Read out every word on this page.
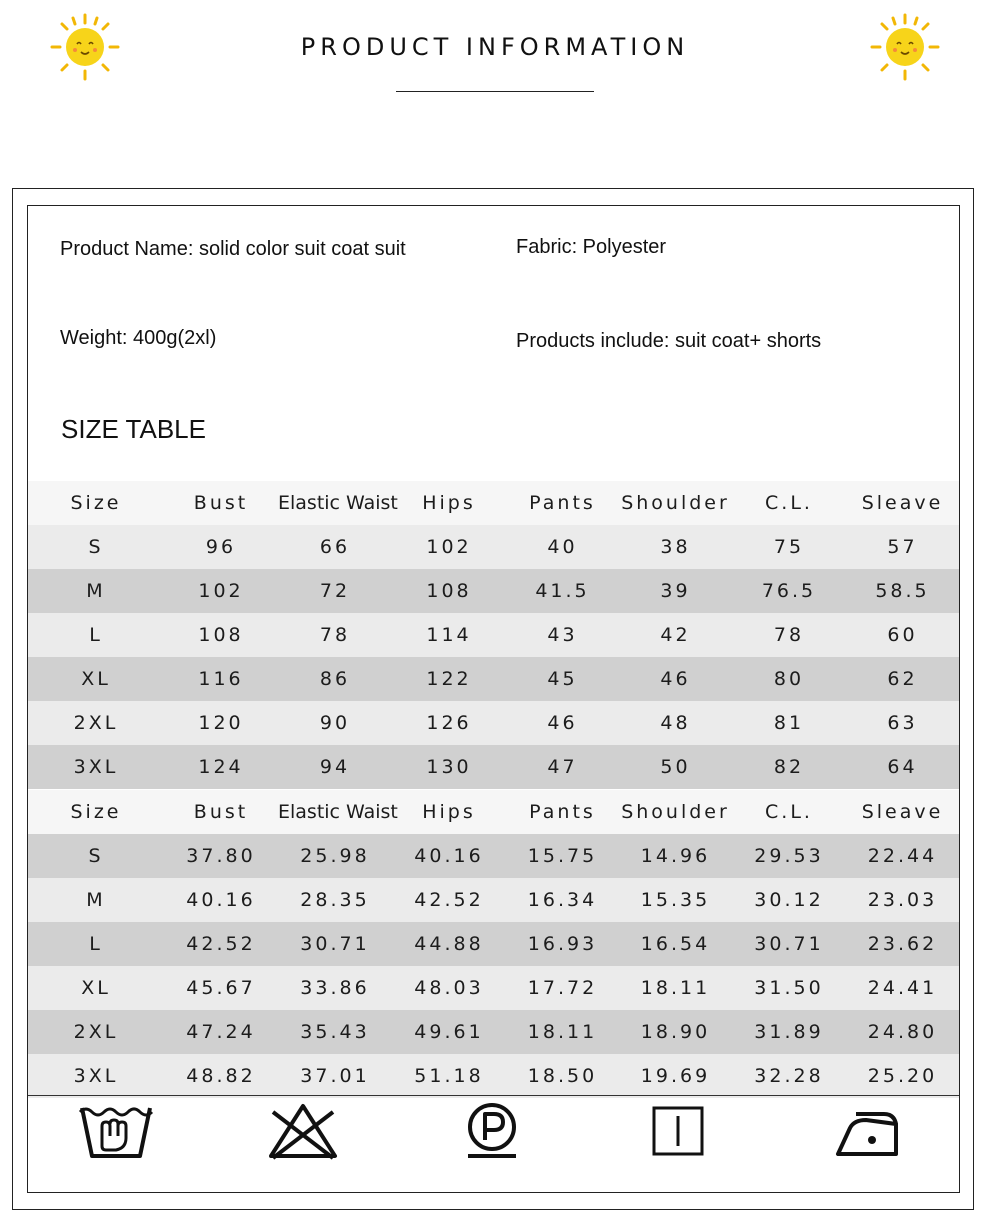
PRODUCT INFORMATION
Product Name: solid color suit coat suit	Fabric: Polyester
Weight: 400g(2xl)	Products include: suit coat+ shorts
SIZE TABLE
Size	Bust	Elastic Waist	Hips	Pants	Shoulder	C.L.	Sleave
S	96	66	102	40	38	75	57
M	102	72	108	41.5	39	76.5	58.5
L	108	78	114	43	42	78	60
XL	116	86	122	45	46	80	62
2XL	120	90	126	46	48	81	63
3XL	124	94	130	47	50	82	64
Size	Bust	Elastic Waist	Hips	Pants	Shoulder	C.L.	Sleave
S	37.80	25.98	40.16	15.75	14.96	29.53	22.44
M	40.16	28.35	42.52	16.34	15.35	30.12	23.03
L	42.52	30.71	44.88	16.93	16.54	30.71	23.62
XL	45.67	33.86	48.03	17.72	18.11	31.50	24.41
2XL	47.24	35.43	49.61	18.11	18.90	31.89	24.80
3XL	48.82	37.01	51.18	18.50	19.69	32.28	25.20
